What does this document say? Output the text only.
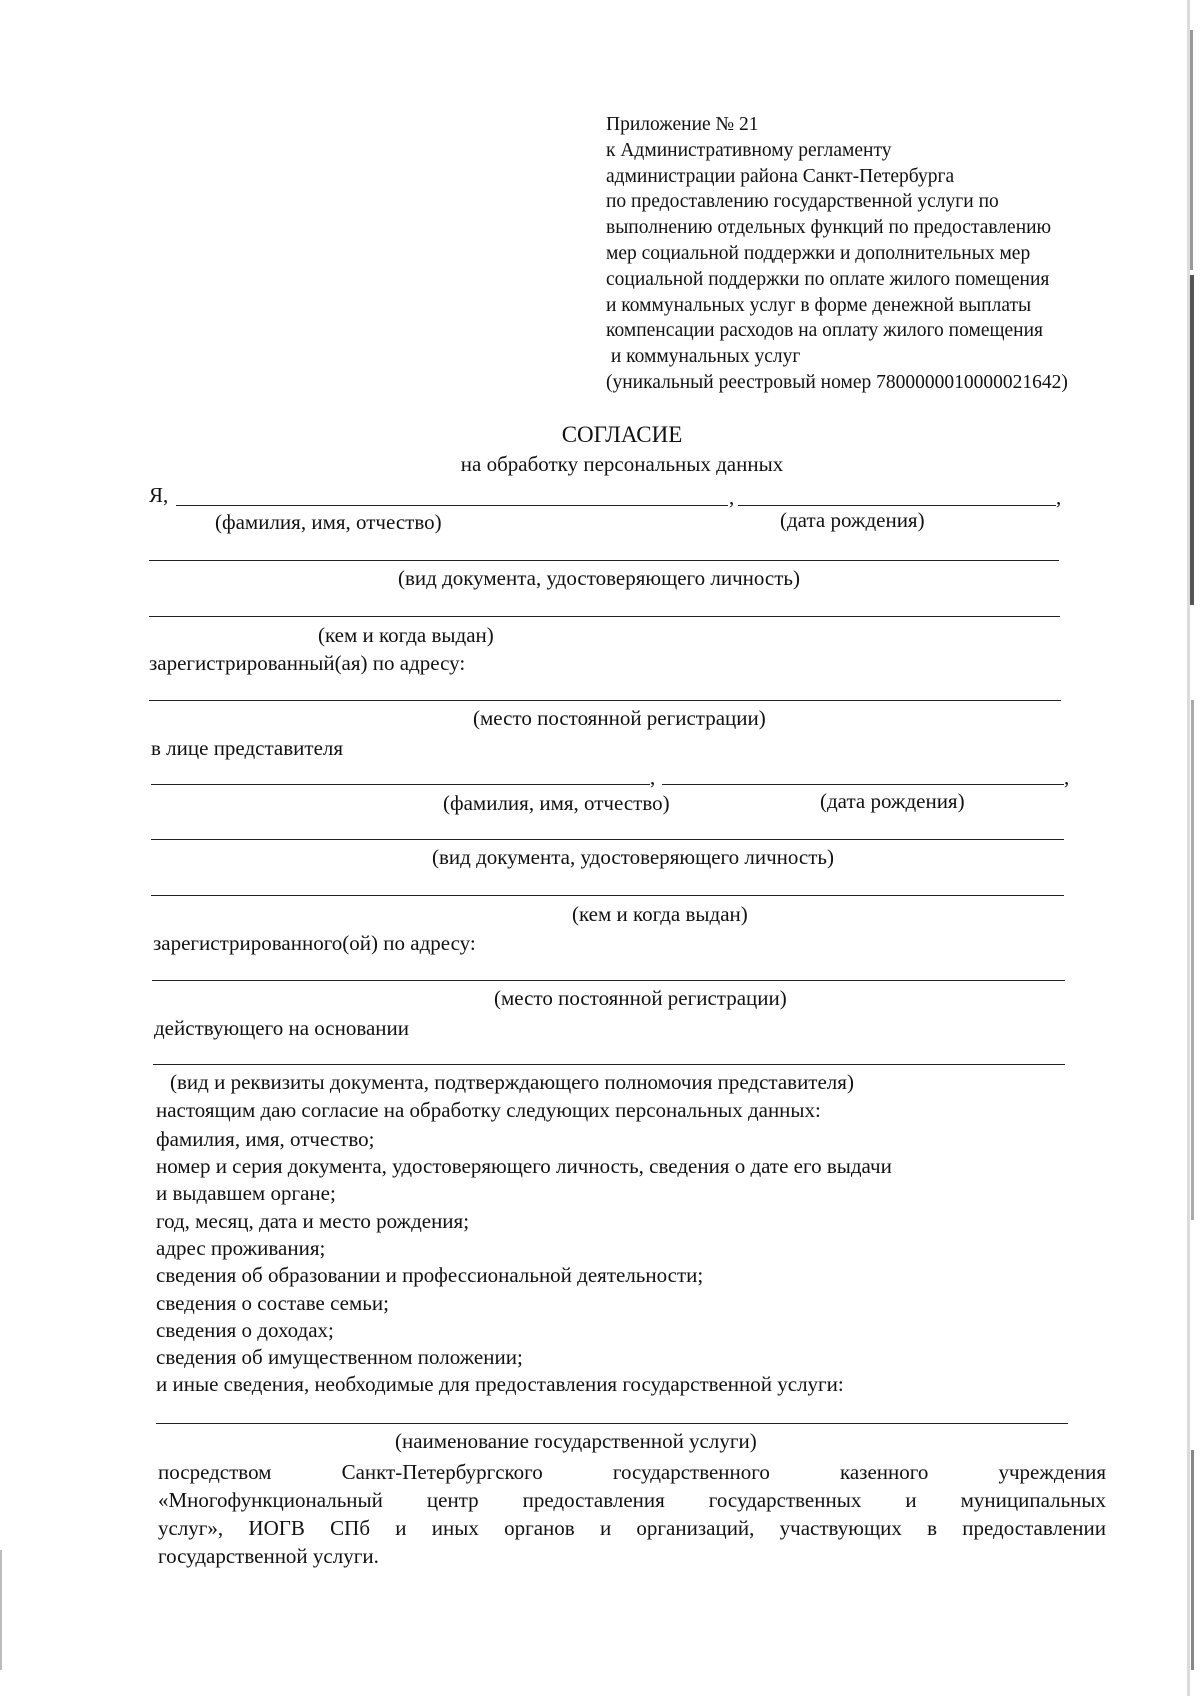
Приложение № 21
к Административному регламенту
администрации района Санкт-Петербурга
по предоставлению государственной услуги по
выполнению отдельных функций по предоставлению
мер социальной поддержки и дополнительных мер
социальной поддержки по оплате жилого помещения
и коммунальных услуг в форме денежной выплаты
компенсации расходов на оплату жилого помещения
и коммунальных услуг
(уникальный реестровый номер 7800000010000021642)
СОГЛАСИЕ
на обработку персональных данных
Я,	,	,
(фамилия, имя, отчество)	(дата рождения)
(вид документа, удостоверяющего личность)
(кем и когда выдан)
зарегистрированный(ая) по адресу:
(место постоянной регистрации)
в лице представителя
,	,
(фамилия, имя, отчество)	(дата рождения)
(вид документа, удостоверяющего личность)
(кем и когда выдан)
зарегистрированного(ой) по адресу:
(место постоянной регистрации)
действующего на основании
(вид и реквизиты документа, подтверждающего полномочия представителя)
настоящим даю согласие на обработку следующих персональных данных:
фамилия, имя, отчество;
номер и серия документа, удостоверяющего личность, сведения о дате его выдачи
и выдавшем органе;
год, месяц, дата и место рождения;
адрес проживания;
сведения об образовании и профессиональной деятельности;
сведения о составе семьи;
сведения о доходах;
сведения об имущественном положении;
и иные сведения, необходимые для предоставления государственной услуги:
(наименование государственной услуги)
посредством Санкт-Петербургского государственного казенного учреждения
«Многофункциональный центр предоставления государственных и муниципальных
услуг», ИОГВ СПб и иных органов и организаций, участвующих в предоставлении
государственной услуги.
